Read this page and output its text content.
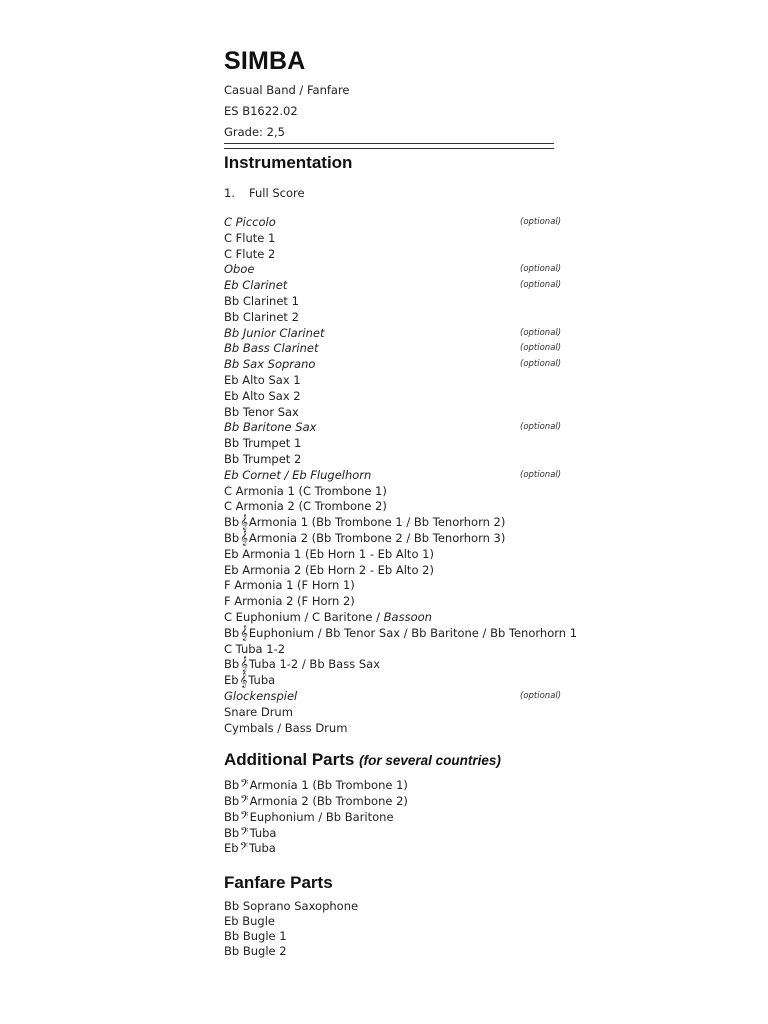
SIMBA

Casual Band / Fanfare

ES B1622.02

Grade: 2,5

Instrumentation
1. Full Score
C Piccolo	(optional)
C Flute 1
C Flute 2
Oboe	(optional)
Eb Clarinet	(optional)
Bb Clarinet 1
Bb Clarinet 2
Bb Junior Clarinet	(optional)
Bb Bass Clarinet	(optional)
Bb Sax Soprano	(optional)
Eb Alto Sax 1
Eb Alto Sax 2
Bb Tenor Sax
Bb Baritone Sax	(optional)
Bb Trumpet 1
Bb Trumpet 2
Eb Cornet / Eb Flugelhorn	(optional)
C Armonia 1 (C Trombone 1)
C Armonia 2 (C Trombone 2)
Bb𝄞Armonia 1 (Bb Trombone 1 / Bb Tenorhorn 2)
Bb𝄞Armonia 2 (Bb Trombone 2 / Bb Tenorhorn 3)
Eb Armonia 1 (Eb Horn 1 - Eb Alto 1)
Eb Armonia 2 (Eb Horn 2 - Eb Alto 2)
F Armonia 1 (F Horn 1)
F Armonia 2 (F Horn 2)
C Euphonium / C Baritone / Bassoon
Bb𝄞Euphonium / Bb Tenor Sax / Bb Baritone / Bb Tenorhorn 1
C Tuba 1-2
Bb𝄞Tuba 1-2 / Bb Bass Sax
Eb𝄞Tuba
Glockenspiel	(optional)
Snare Drum
Cymbals / Bass Drum
Additional Parts (for several countries)
Bb𝄢Armonia 1 (Bb Trombone 1)
Bb𝄢Armonia 2 (Bb Trombone 2)
Bb𝄢Euphonium / Bb Baritone
Bb𝄢Tuba
Eb𝄢Tuba
Fanfare Parts
Bb Soprano Saxophone
Eb Bugle
Bb Bugle 1
Bb Bugle 2
